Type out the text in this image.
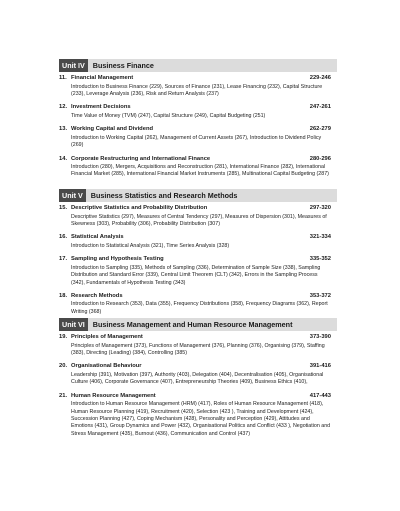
Unit IV	Business Finance
11. Financial Management	229-246
Introduction to Business Finance (229), Sources of Finance (231), Lease Financing (232), Capital Structure (233), Leverage Analysis (236), Risk and Return Analysis (237)
12. Investment Decisions	247-261
Time Value of Money (TVM) (247), Capital Structure (249), Capital Budgeting (251)
13. Working Capital and Dividend	262-279
Introduction to Working Capital (262), Management of Current Assets (267), Introduction to Dividend Policy (269)
14. Corporate Restructuring and International Finance	280-296
Introduction (280), Mergers, Acquisitions and Reconstruction (281), International Finance (282), International Financial Market (285), International Financial Market Instruments (285), Multinational Capital Budgeting (287)
Unit V	Business Statistics and Research Methods
15. Descriptive Statistics and Probability Distribution	297-320
Descriptive Statistics (297), Measures of Central Tendency (297), Measures of Dispersion (301), Measures of Skewness (303), Probability (306), Probability Distribution (307)
16. Statistical Analysis	321-334
Introduction to Statistical Analysis (321), Time Series Analysis (328)
17. Sampling and Hypothesis Testing	335-352
Introduction to Sampling (335), Methods of Sampling (336), Determination of Sample Size (338), Sampling Distribution and Standard Error (339), Central Limit Theorem (CLT) (342), Errors in the Sampling Process (342), Fundamentals of Hypothesis Testing (343)
18. Research Methods	353-372
Introduction to Research (353), Data (355), Frequency Distributions (358), Frequency Diagrams (362), Report Writing (368)
Unit VI	Business Management and Human Resource Management
19. Principles of Management	373-390
Principles of Management (373), Functions of Management (376), Planning (376), Organising (379), Staffing (383), Directing (Leading) (384), Controlling (385)
20. Organisational Behaviour	391-416
Leadership (391), Motivation (397), Authority (403), Delegation (404), Decentralisation (405), Organisational Culture (406), Corporate Governance (407), Entrepreneurship Theories (409), Business Ethics (410),
21. Human Resource Management	417-443
Introduction to Human Resource Management (HRM) (417), Roles of Human Resource Management (418), Human Resource Planning (419), Recruitment (420), Selection (423 ), Training and Development (424), Succession Planning (427), Coping Mechanism (428), Personality and Perception (429), Attitudes and Emotions (431), Group Dynamics and Power (432), Organisational Politics and Conflict (433 ), Negotiation and Stress Management (435), Burnout (436), Communication and Control (437)
